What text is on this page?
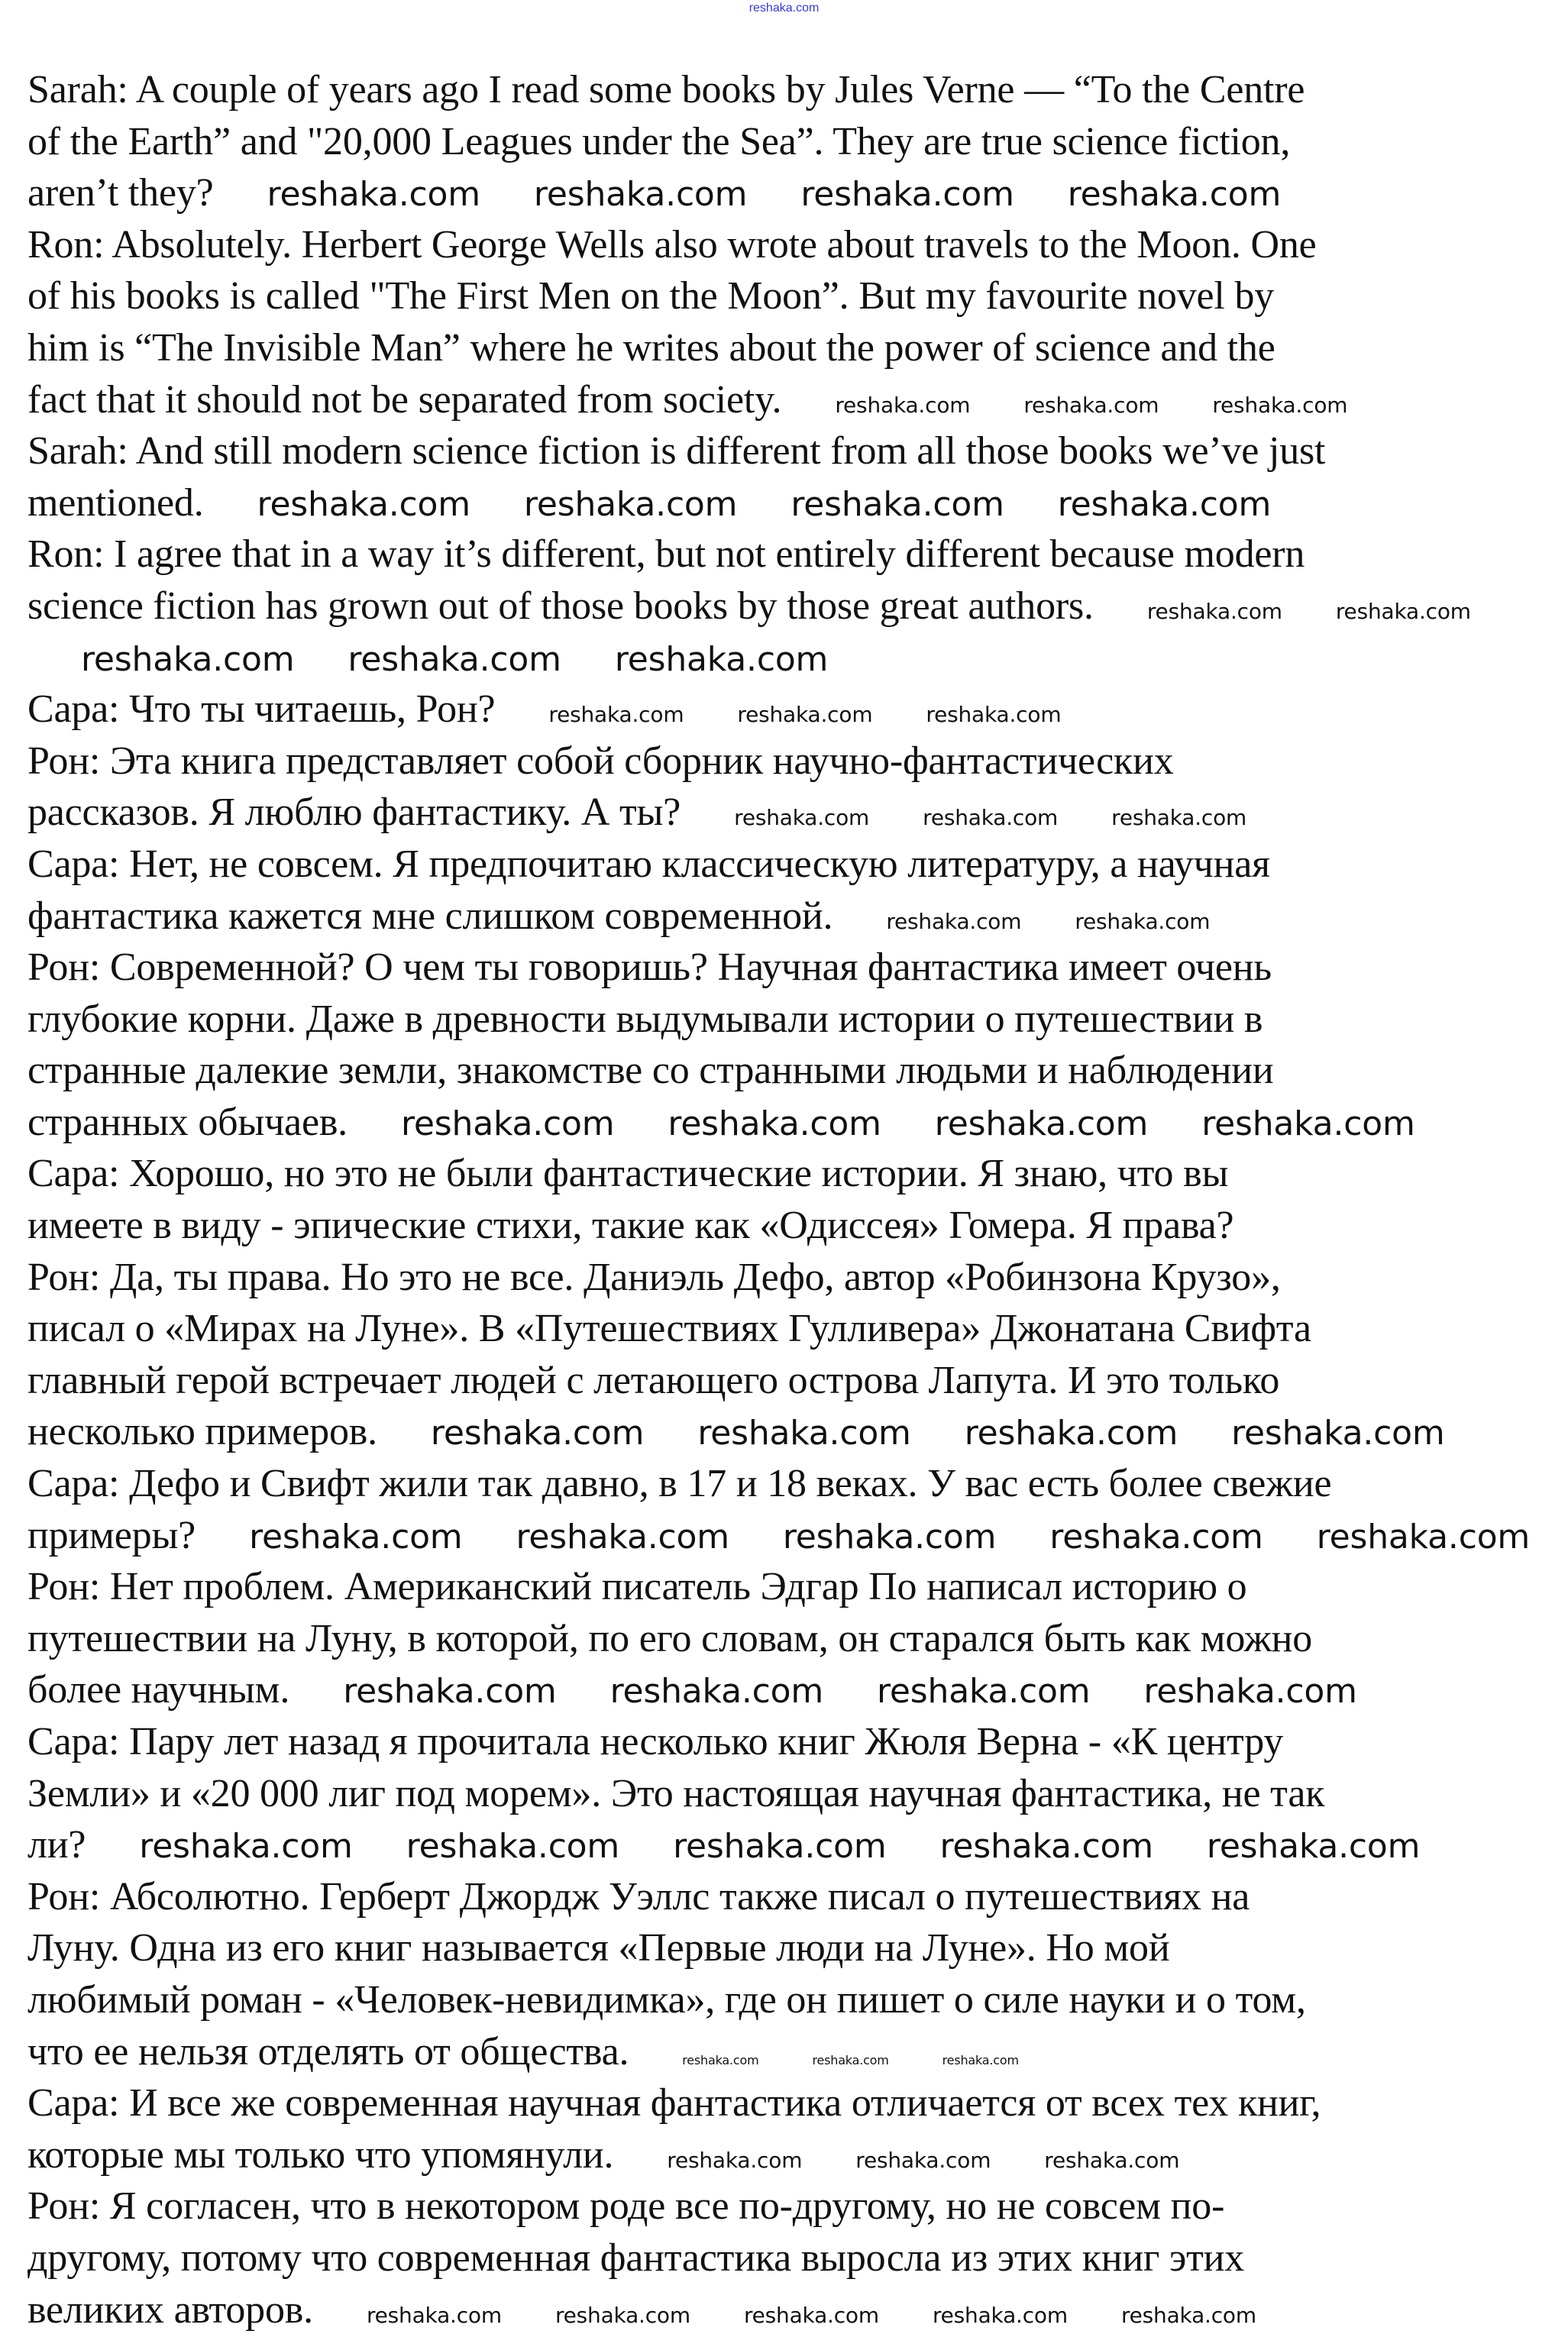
reshaka.com
Sarah: A couple of years ago I read some books by Jules Verne — “To the Centre
of the Earth” and "20,000 Leagues under the Sea”. They are true science fiction,
aren’t they? reshaka.com reshaka.com reshaka.com reshaka.com
Ron: Absolutely. Herbert George Wells also wrote about travels to the Moon. One
of his books is called "The First Men on the Moon”. But my favourite novel by
him is “The Invisible Man” where he writes about the power of science and the
fact that it should not be separated from society.	reshaka.com	reshaka.com	reshaka.com
Sarah: And still modern science fiction is different from all those books we’ve just
mentioned. reshaka.com reshaka.com reshaka.com reshaka.com
Ron: I agree that in a way it’s different, but not entirely different because modern
science fiction has grown out of those books by those great authors.	reshaka.com	reshaka.com
reshaka.com reshaka.com reshaka.com
Сара: Что ты читаешь, Рон?	reshaka.com	reshaka.com	reshaka.com
Рон: Эта книга представляет собой сборник научно-фантастических
рассказов. Я люблю фантастику. А ты?	reshaka.com	reshaka.com	reshaka.com
Сара: Нет, не совсем. Я предпочитаю классическую литературу, а научная
фантастика кажется мне слишком современной.	reshaka.com	reshaka.com
Рон: Современной? О чем ты говоришь? Научная фантастика имеет очень
глубокие корни. Даже в древности выдумывали истории о путешествии в
странные далекие земли, знакомстве со странными людьми и наблюдении
странных обычаев. reshaka.com reshaka.com reshaka.com reshaka.com
Сара: Хорошо, но это не были фантастические истории. Я знаю, что вы
имеете в виду - эпические стихи, такие как «Одиссея» Гомера. Я права?
Рон: Да, ты права. Но это не все. Даниэль Дефо, автор «Робинзона Крузо»,
писал о «Мирах на Луне». В «Путешествиях Гулливера» Джонатана Свифта
главный герой встречает людей с летающего острова Лапута. И это только
несколько примеров. reshaka.com reshaka.com reshaka.com reshaka.com
Сара: Дефо и Свифт жили так давно, в 17 и 18 веках. У вас есть более свежие
примеры? reshaka.com reshaka.com reshaka.com reshaka.com reshaka.com
Рон: Нет проблем. Американский писатель Эдгар По написал историю о
путешествии на Луну, в которой, по его словам, он старался быть как можно
более научным. reshaka.com reshaka.com reshaka.com reshaka.com
Сара: Пару лет назад я прочитала несколько книг Жюля Верна - «К центру
Земли» и «20 000 лиг под морем». Это настоящая научная фантастика, не так
ли? reshaka.com reshaka.com reshaka.com reshaka.com reshaka.com
Рон: Абсолютно. Герберт Джордж Уэллс также писал о путешествиях на
Луну. Одна из его книг называется «Первые люди на Луне». Но мой
любимый роман - «Человек-невидимка», где он пишет о силе науки и о том,
что ее нельзя отделять от общества.	reshaka.com	reshaka.com	reshaka.com
Сара: И все же современная научная фантастика отличается от всех тех книг,
которые мы только что упомянули.	reshaka.com	reshaka.com	reshaka.com
Рон: Я согласен, что в некотором роде все по-другому, но не совсем по-
другому, потому что современная фантастика выросла из этих книг этих
великих авторов.	reshaka.com	reshaka.com	reshaka.com	reshaka.com	reshaka.com
